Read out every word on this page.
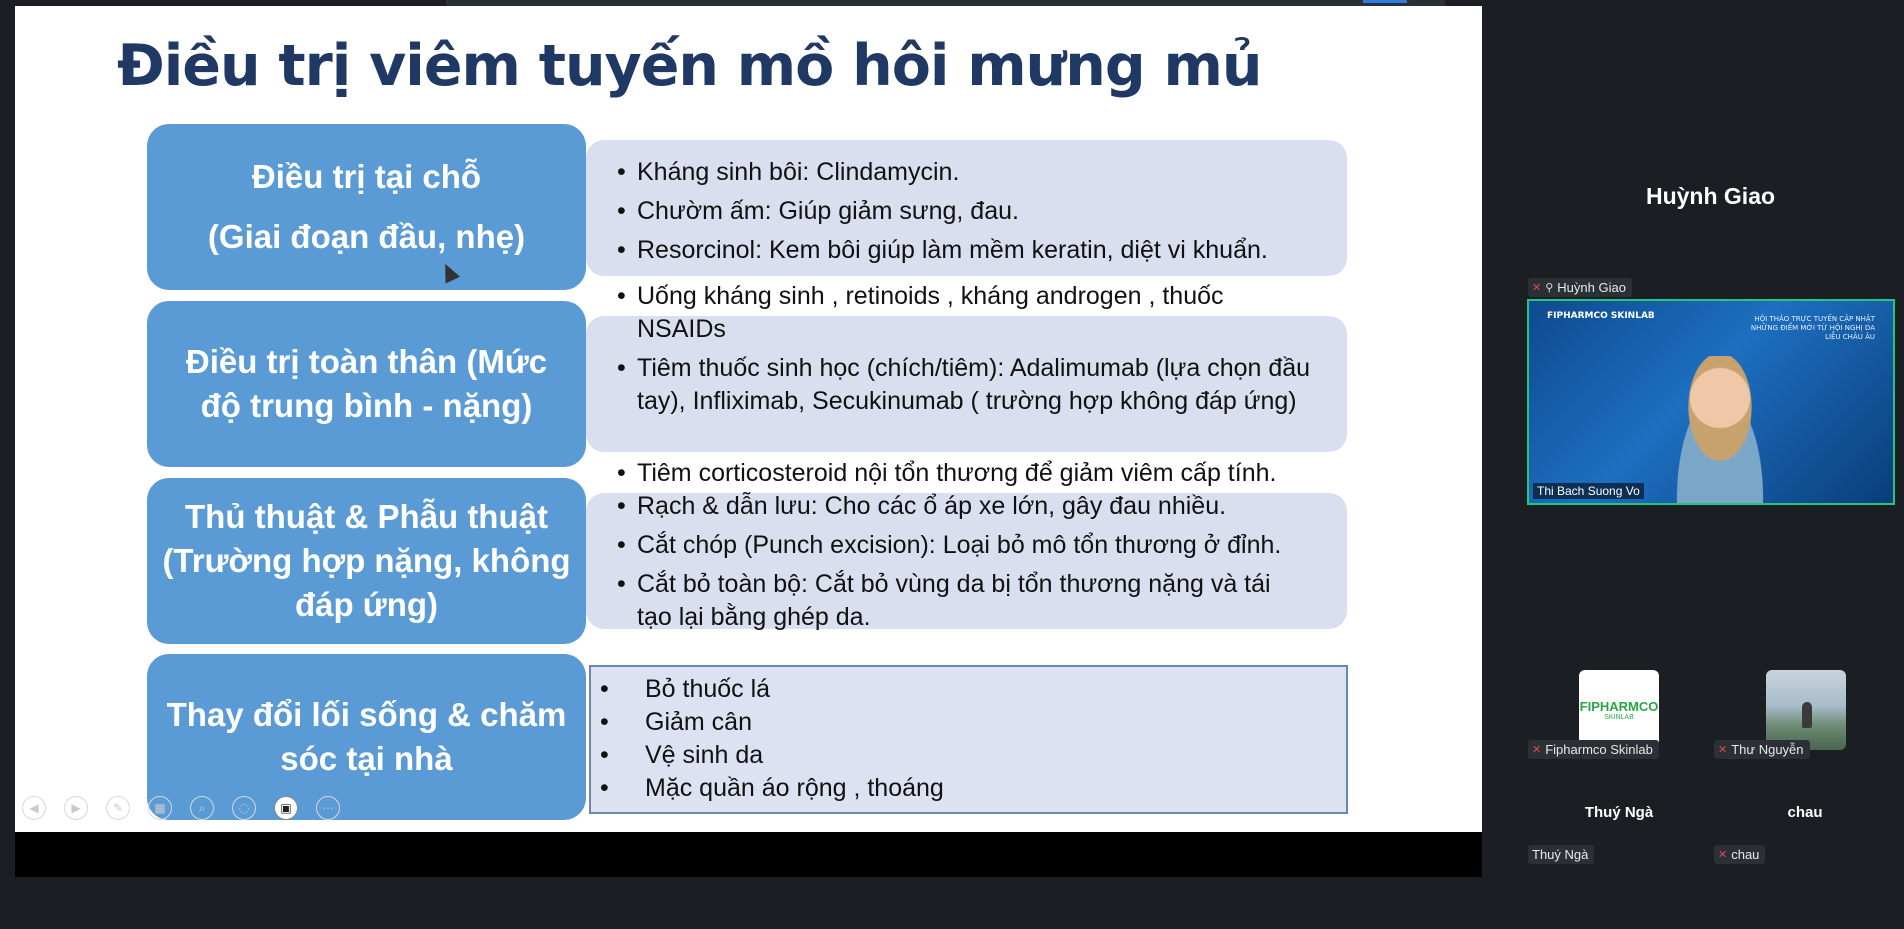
Điều trị viêm tuyến mồ hôi mưng mủ
Điều trị tại chỗ
(Giai đoạn đầu, nhẹ)
• Kháng sinh bôi: Clindamycin.
• Chườm ấm: Giúp giảm sưng, đau.
• Resorcinol: Kem bôi giúp làm mềm keratin, diệt vi khuẩn.
Điều trị toàn thân (Mức
độ trung bình - nặng)
• Uống kháng sinh , retinoids , kháng androgen , thuốc NSAIDs
• Tiêm thuốc sinh học (chích/tiêm): Adalimumab (lựa chọn đầu tay), Infliximab, Secukinumab ( trường hợp không đáp ứng)
Thủ thuật & Phẫu thuật
(Trường hợp nặng, không
đáp ứng)
• Tiêm corticosteroid nội tổn thương để giảm viêm cấp tính.
• Rạch & dẫn lưu: Cho các ổ áp xe lớn, gây đau nhiều.
• Cắt chóp (Punch excision): Loại bỏ mô tổn thương ở đỉnh.
• Cắt bỏ toàn bộ: Cắt bỏ vùng da bị tổn thương nặng và tái tạo lại bằng ghép da.
Thay đổi lối sống & chăm
sóc tại nhà
• Bỏ thuốc lá
• Giảm cân
• Vệ sinh da
• Mặc quần áo rộng , thoáng
◀	▶	✎	▦	⌕	◌	▣	⋯
Huỳnh Giao
✕ ⚲ Huỳnh Giao
FIPHARMCO SKINLAB	HỘI THẢO TRỰC TUYẾN CẬP NHẬT NHỮNG ĐIỂM MỚI TỪ HỘI NGHỊ DA LIỄU CHÂU ÂU
Thi Bach Suong Vo
FIPHARMCO
SKINLAB
✕ Fipharmco Skinlab	✕ Thư Nguyễn
Thuý Ngà
Thuý Ngà
chau
✕ chau
